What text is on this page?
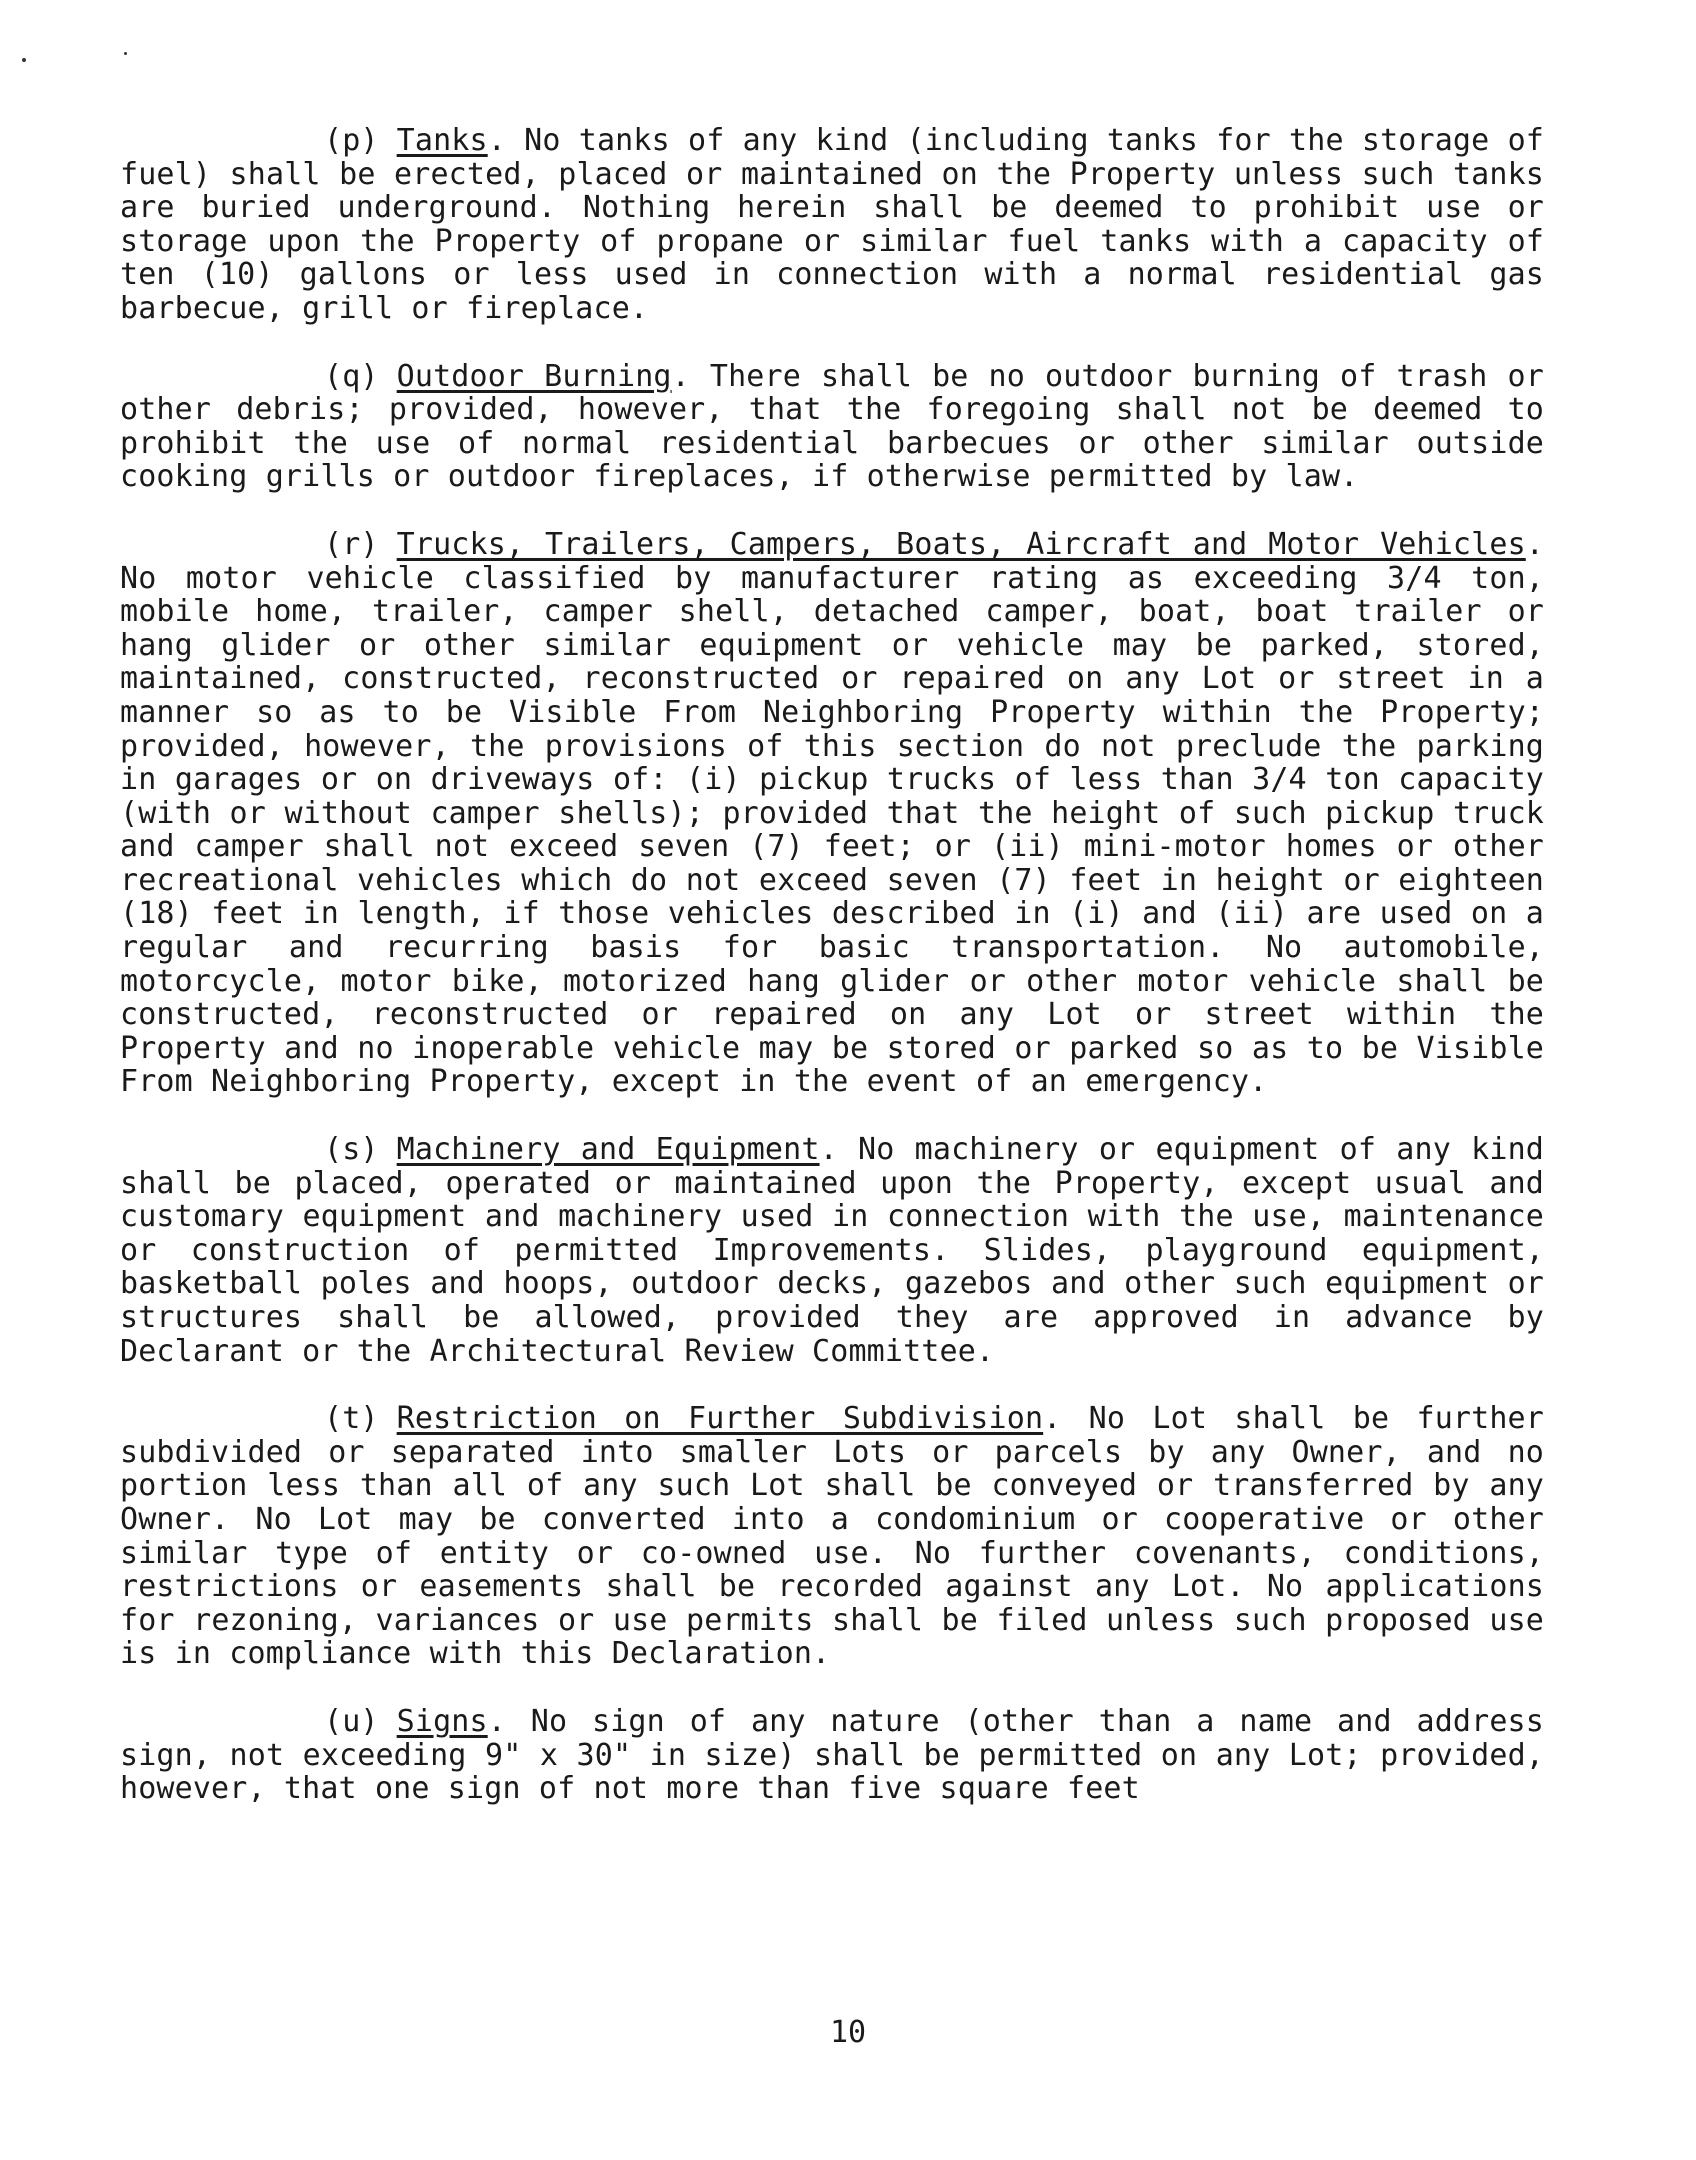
(p) Tanks. No tanks of any kind (including tanks for the storage of fuel) shall be erected, placed or maintained on the Property unless such tanks are buried underground. Nothing herein shall be deemed to prohibit use or storage upon the Property of propane or similar fuel tanks with a capacity of ten (10) gallons or less used in connection with a normal residential gas barbecue, grill or fireplace.

(q) Outdoor Burning. There shall be no outdoor burning of trash or other debris; provided, however, that the foregoing shall not be deemed to prohibit the use of normal residential barbecues or other similar outside cooking grills or outdoor fireplaces, if otherwise permitted by law.

(r) Trucks, Trailers, Campers, Boats, Aircraft and Motor Vehicles. No motor vehicle classified by manufacturer rating as exceeding 3/4 ton, mobile home, trailer, camper shell, detached camper, boat, boat trailer or hang glider or other similar equipment or vehicle may be parked, stored, maintained, constructed, reconstructed or repaired on any Lot or street in a manner so as to be Visible From Neighboring Property within the Property; provided, however, the provisions of this section do not preclude the parking in garages or on driveways of: (i) pickup trucks of less than 3/4 ton capacity (with or without camper shells); provided that the height of such pickup truck and camper shall not exceed seven (7) feet; or (ii) mini-motor homes or other recreational vehicles which do not exceed seven (7) feet in height or eighteen (18) feet in length, if those vehicles described in (i) and (ii) are used on a regular and recurring basis for basic transportation. No automobile, motorcycle, motor bike, motorized hang glider or other motor vehicle shall be constructed, reconstructed or repaired on any Lot or street within the Property and no inoperable vehicle may be stored or parked so as to be Visible From Neighboring Property, except in the event of an emergency.

(s) Machinery and Equipment. No machinery or equipment of any kind shall be placed, operated or maintained upon the Property, except usual and customary equipment and machinery used in connection with the use, maintenance or construction of permitted Improvements. Slides, playground equipment, basketball poles and hoops, outdoor decks, gazebos and other such equipment or structures shall be allowed, provided they are approved in advance by Declarant or the Architectural Review Committee.

(t) Restriction on Further Subdivision. No Lot shall be further subdivided or separated into smaller Lots or parcels by any Owner, and no portion less than all of any such Lot shall be conveyed or transferred by any Owner. No Lot may be converted into a condominium or cooperative or other similar type of entity or co-owned use. No further covenants, conditions, restrictions or easements shall be recorded against any Lot. No applications for rezoning, variances or use permits shall be filed unless such proposed use is in compliance with this Declaration.

(u) Signs. No sign of any nature (other than a name and address sign, not exceeding 9" x 30" in size) shall be permitted on any Lot; provided, however, that one sign of not more than five square feet

10
